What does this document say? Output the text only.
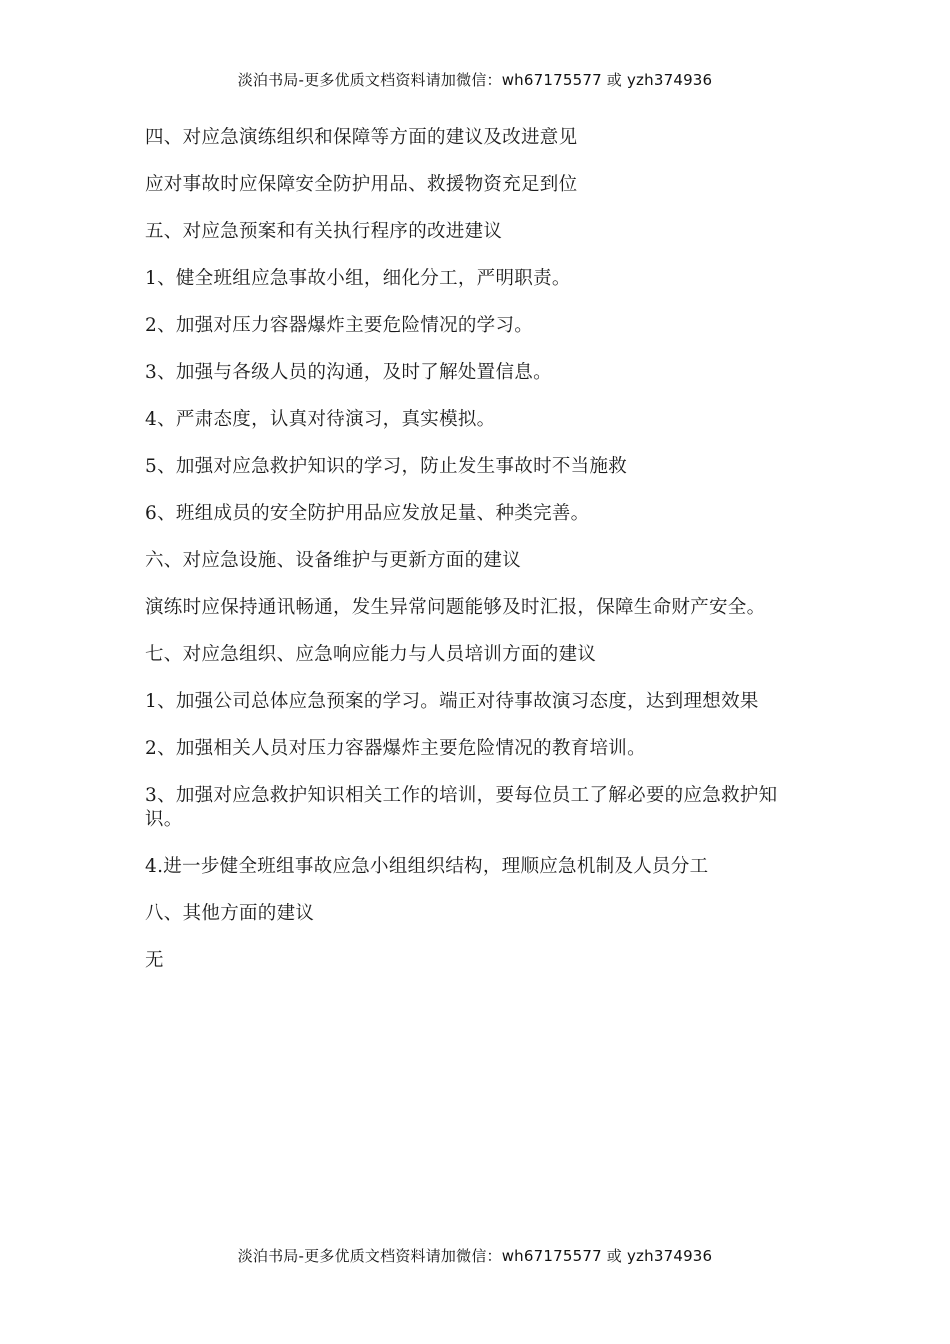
淡泊书局-更多优质文档资料请加微信：wh67175577 或 yzh374936

四、对应急演练组织和保障等方面的建议及改进意见

应对事故时应保障安全防护用品、救援物资充足到位

五、对应急预案和有关执行程序的改进建议

1、健全班组应急事故小组，细化分工，严明职责。

2、加强对压力容器爆炸主要危险情况的学习。

3、加强与各级人员的沟通，及时了解处置信息。

4、严肃态度，认真对待演习，真实模拟。

5、加强对应急救护知识的学习，防止发生事故时不当施救

6、班组成员的安全防护用品应发放足量、种类完善。

六、对应急设施、设备维护与更新方面的建议

演练时应保持通讯畅通，发生异常问题能够及时汇报，保障生命财产安全。

七、对应急组织、应急响应能力与人员培训方面的建议

1、加强公司总体应急预案的学习。端正对待事故演习态度，达到理想效果

2、加强相关人员对压力容器爆炸主要危险情况的教育培训。

3、加强对应急救护知识相关工作的培训，要每位员工了解必要的应急救护知识。

4.进一步健全班组事故应急小组组织结构，理顺应急机制及人员分工

八、其他方面的建议

无

淡泊书局-更多优质文档资料请加微信：wh67175577 或 yzh374936
